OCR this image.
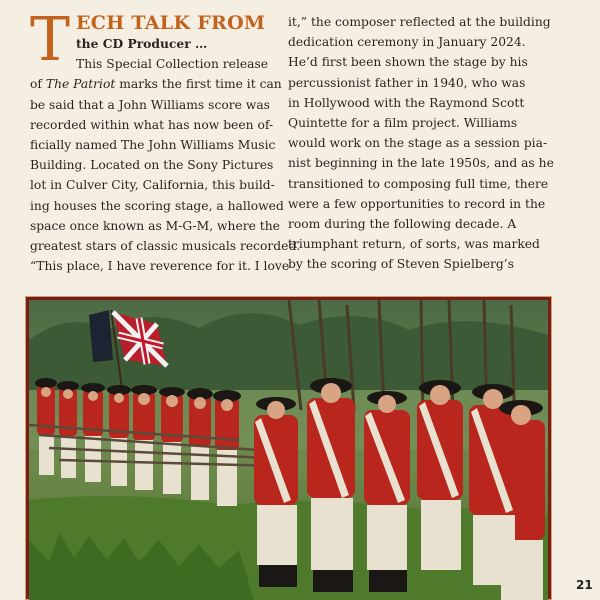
T ECH TALK FROM
the CD Producer …
This Special Collection release
of The Patriot marks the first time it can
be said that a John Williams score was
recorded within what has now been of-
ficially named The John Williams Music
Building. Located on the Sony Pictures
lot in Culver City, California, this build-
ing houses the scoring stage, a hallowed
space once known as M-G-M, where the
greatest stars of classic musicals recorded.
“This place, I have reverence for it. I love
it,” the composer reflected at the building
dedication ceremony in January 2024.
He’d first been shown the stage by his
percussionist father in 1940, who was
in Hollywood with the Raymond Scott
Quintette for a film project. Williams
would work on the stage as a session pia-
nist beginning in the late 1950s, and as he
transitioned to composing full time, there
were a few opportunities to record in the
room during the following decade. A
triumphant return, of sorts, was marked
by the scoring of Steven Spielberg’s
21
